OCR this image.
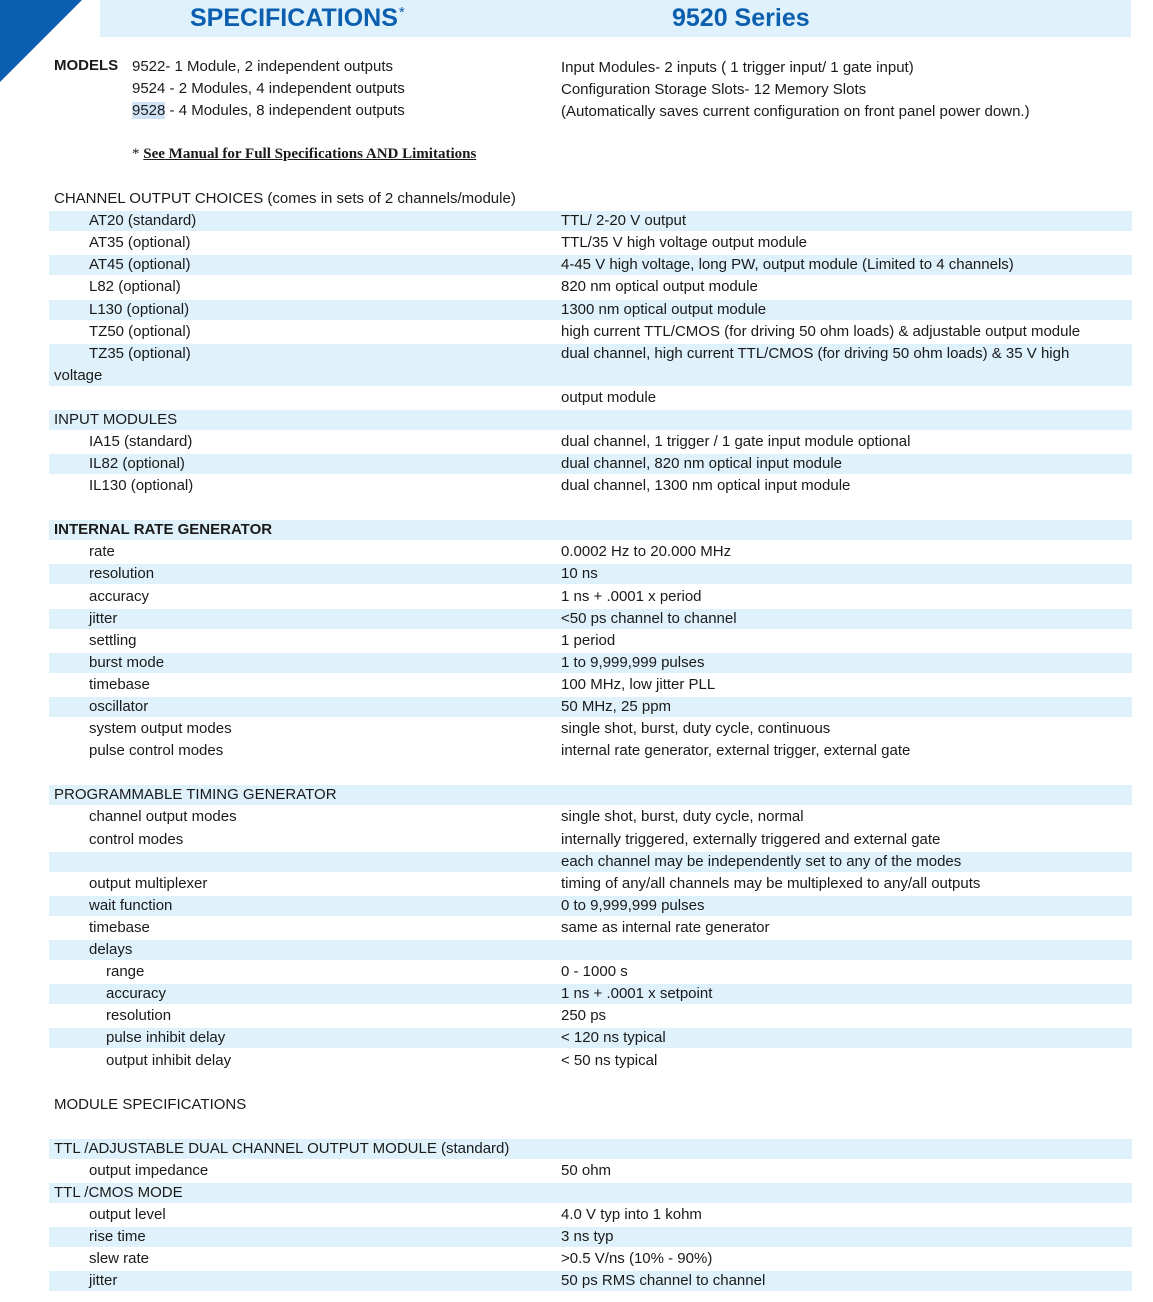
SPECIFICATIONS*	9520 Series
MODELS 9522- 1 Module, 2 independent outputs
9524 - 2 Modules, 4 independent outputs
9528 - 4 Modules, 8 independent outputs
Input Modules- 2 inputs ( 1 trigger input/ 1 gate input)
Configuration Storage Slots- 12 Memory Slots
(Automatically saves current configuration on front panel power down.)
* See Manual for Full Specifications AND Limitations
CHANNEL OUTPUT CHOICES (comes in sets of 2 channels/module)
AT20 (standard)	TTL/ 2-20 V output
AT35 (optional)	TTL/35 V high voltage output module
AT45 (optional)	4-45 V high voltage, long PW, output module (Limited to 4 channels)
L82 (optional)	820 nm optical output module
L130 (optional)	1300 nm optical output module
TZ50 (optional)	high current TTL/CMOS (for driving 50 ohm loads) & adjustable output module
TZ35 (optional)	dual channel, high current TTL/CMOS (for driving 50 ohm loads) & 35 V high
voltage
output module
INPUT MODULES
IA15 (standard)	dual channel, 1 trigger / 1 gate input module optional
IL82 (optional)	dual channel, 820 nm optical input module
IL130 (optional)	dual channel, 1300 nm optical input module
INTERNAL RATE GENERATOR
rate	0.0002 Hz to 20.000 MHz
resolution	10 ns
accuracy	1 ns + .0001 x period
jitter	<50 ps channel to channel
settling	1 period
burst mode	1 to 9,999,999 pulses
timebase	100 MHz, low jitter PLL
oscillator	50 MHz, 25 ppm
system output modes	single shot, burst, duty cycle, continuous
pulse control modes	internal rate generator, external trigger, external gate
PROGRAMMABLE TIMING GENERATOR
channel output modes	single shot, burst, duty cycle, normal
control modes	internally triggered, externally triggered and external gate
each channel may be independently set to any of the modes
output multiplexer	timing of any/all channels may be multiplexed to any/all outputs
wait function	0 to 9,999,999 pulses
timebase	same as internal rate generator
delays
range	0 - 1000 s
accuracy	1 ns + .0001 x setpoint
resolution	250 ps
pulse inhibit delay	< 120 ns typical
output inhibit delay	< 50 ns typical
MODULE SPECIFICATIONS
TTL /ADJUSTABLE DUAL CHANNEL OUTPUT MODULE (standard)
output impedance	50 ohm
TTL /CMOS MODE
output level	4.0 V typ into 1 kohm
rise time	3 ns typ
slew rate	>0.5 V/ns (10% - 90%)
jitter	50 ps RMS channel to channel
